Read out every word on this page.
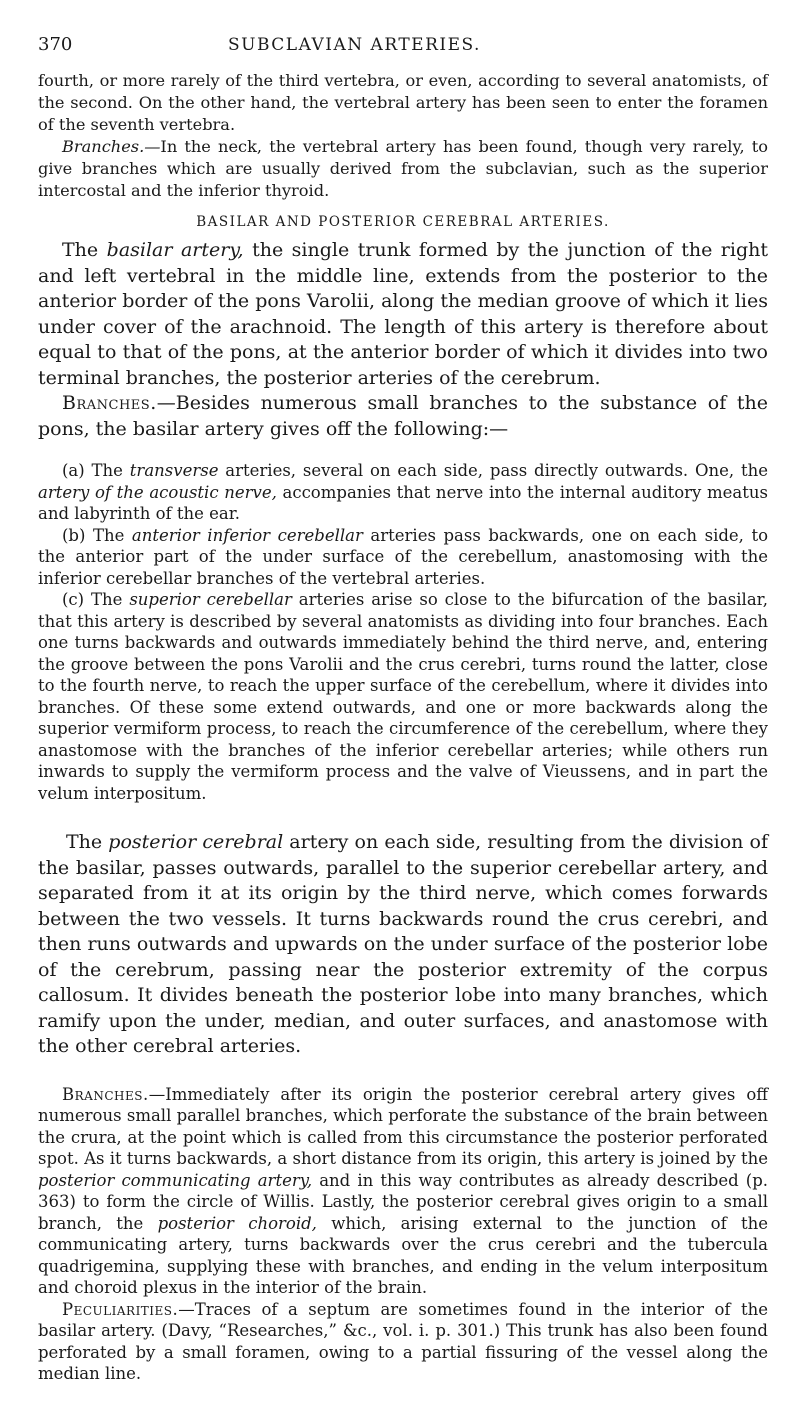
370	SUBCLAVIAN ARTERIES.

fourth, or more rarely of the third vertebra, or even, according to several anatomists, of the second. On the other hand, the vertebral artery has been seen to enter the foramen of the seventh vertebra.

Branches.—In the neck, the vertebral artery has been found, though very rarely, to give branches which are usually derived from the subclavian, such as the superior intercostal and the inferior thyroid.

BASILAR AND POSTERIOR CEREBRAL ARTERIES.

The basilar artery, the single trunk formed by the junction of the right and left vertebral in the middle line, extends from the posterior to the anterior border of the pons Varolii, along the median groove of which it lies under cover of the arachnoid. The length of this artery is therefore about equal to that of the pons, at the anterior border of which it divides into two terminal branches, the posterior arteries of the cerebrum.

Branches.—Besides numerous small branches to the substance of the pons, the basilar artery gives off the following:—

(a) The transverse arteries, several on each side, pass directly outwards. One, the artery of the acoustic nerve, accompanies that nerve into the internal auditory meatus and labyrinth of the ear.

(b) The anterior inferior cerebellar arteries pass backwards, one on each side, to the anterior part of the under surface of the cerebellum, anastomosing with the inferior cerebellar branches of the vertebral arteries.

(c) The superior cerebellar arteries arise so close to the bifurcation of the basilar, that this artery is described by several anatomists as dividing into four branches. Each one turns backwards and outwards immediately behind the third nerve, and, entering the groove between the pons Varolii and the crus cerebri, turns round the latter, close to the fourth nerve, to reach the upper surface of the cerebellum, where it divides into branches. Of these some extend outwards, and one or more backwards along the superior vermiform process, to reach the circumference of the cerebellum, where they anastomose with the branches of the inferior cerebellar arteries; while others run inwards to supply the vermiform process and the valve of Vieussens, and in part the velum interpositum.

The posterior cerebral artery on each side, resulting from the division of the basilar, passes outwards, parallel to the superior cerebellar artery, and separated from it at its origin by the third nerve, which comes forwards between the two vessels. It turns backwards round the crus cerebri, and then runs outwards and upwards on the under surface of the posterior lobe of the cerebrum, passing near the posterior extremity of the corpus callosum. It divides beneath the posterior lobe into many branches, which ramify upon the under, median, and outer surfaces, and anastomose with the other cerebral arteries.

Branches.—Immediately after its origin the posterior cerebral artery gives off numerous small parallel branches, which perforate the substance of the brain between the crura, at the point which is called from this circumstance the posterior perforated spot. As it turns backwards, a short distance from its origin, this artery is joined by the posterior communicating artery, and in this way contributes as already described (p. 363) to form the circle of Willis. Lastly, the posterior cerebral gives origin to a small branch, the posterior choroid, which, arising external to the junction of the communicating artery, turns backwards over the crus cerebri and the tubercula quadrigemina, supplying these with branches, and ending in the velum interpositum and choroid plexus in the interior of the brain.

Peculiarities.—Traces of a septum are sometimes found in the interior of the basilar artery. (Davy, “Researches,” &c., vol. i. p. 301.) This trunk has also been found perforated by a small foramen, owing to a partial fissuring of the vessel along the median line.
